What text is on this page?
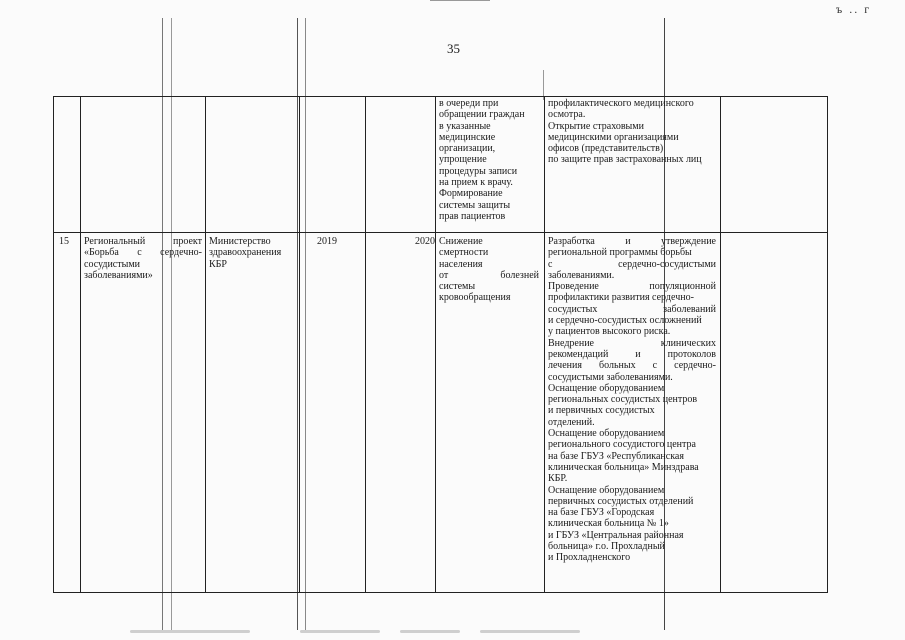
ъ .. г
35
в очереди при
обращении граждан
в указанные
медицинские
организации,
упрощение
процедуры записи
на прием к врачу.
Формирование
системы защиты
прав пациентов
профилактического медицинского
осмотра.
Открытие страховыми
медицинскими организациями
офисов (представительств)
по защите прав застрахованных лиц
15	Региональный проект
«Борьба с сердечно-
сосудистыми
заболеваниями»
Министерство
здравоохранения
КБР
2019	2020 Снижение
смертности
населения
от болезней
системы
кровообращения
Разработка и утверждение
региональной программы борьбы
с сердечно-сосудистыми
заболеваниями.
Проведение популяционной
профилактики развития сердечно-
сосудистых заболеваний
и сердечно-сосудистых осложнений
у пациентов высокого риска.
Внедрение клинических
рекомендаций и протоколов
лечения больных с сердечно-
сосудистыми заболеваниями.
Оснащение оборудованием
региональных сосудистых центров
и первичных сосудистых
отделений.
Оснащение оборудованием
регионального сосудистого центра
на базе ГБУЗ «Республиканская
клиническая больница» Минздрава
КБР.
Оснащение оборудованием
первичных сосудистых отделений
на базе ГБУЗ «Городская
клиническая больница № 1»
и ГБУЗ «Центральная районная
больница» г.о. Прохладный
и Прохладненского
